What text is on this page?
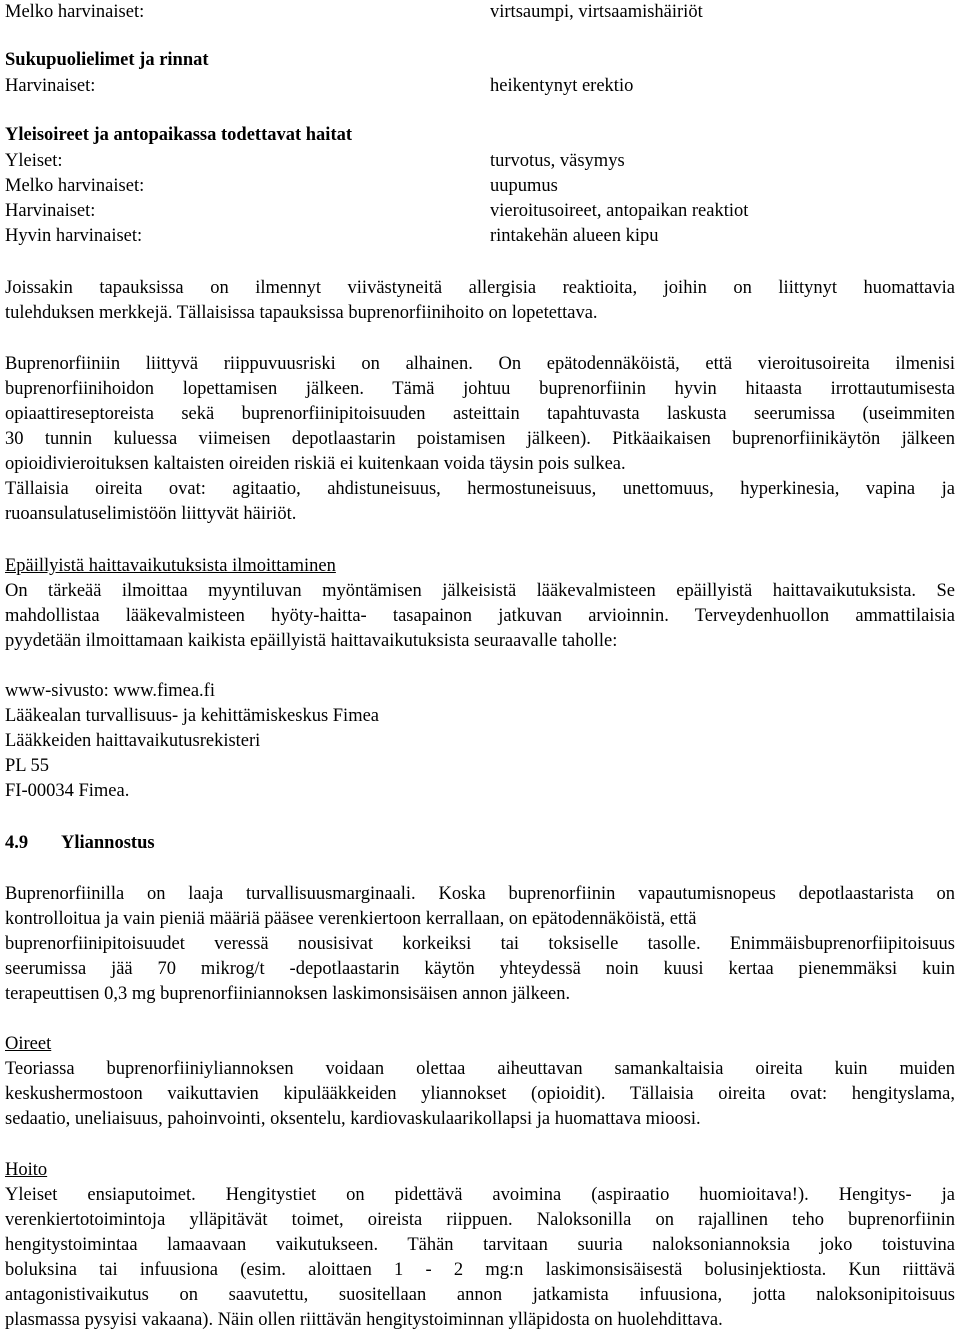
Melko harvinaiset:	virtsaumpi, virtsaamishäiriöt
Sukupuolielimet ja rinnat
Harvinaiset:	heikentynyt erektio
Yleisoireet ja antopaikassa todettavat haitat
Yleiset:	turvotus, väsymys
Melko harvinaiset:	uupumus
Harvinaiset:	vieroitusoireet, antopaikan reaktiot
Hyvin harvinaiset:	rintakehän alueen kipu
Joissakin tapauksissa on ilmennyt viivästyneitä allergisia reaktioita, joihin on liittynyt huomattavia
tulehduksen merkkejä. Tällaisissa tapauksissa buprenorfiinihoito on lopetettava.
Buprenorfiiniin liittyvä riippuvuusriski on alhainen. On epätodennäköistä, että vieroitusoireita ilmenisi
buprenorfiinihoidon lopettamisen jälkeen. Tämä johtuu buprenorfiinin hyvin hitaasta irrottautumisesta
opiaattireseptoreista sekä buprenorfiinipitoisuuden asteittain tapahtuvasta laskusta seerumissa (useimmiten
30 tunnin kuluessa viimeisen depotlaastarin poistamisen jälkeen). Pitkäaikaisen buprenorfiinikäytön jälkeen
opioidivieroituksen kaltaisten oireiden riskiä ei kuitenkaan voida täysin pois sulkea.
Tällaisia oireita ovat: agitaatio, ahdistuneisuus, hermostuneisuus, unettomuus, hyperkinesia, vapina ja
ruoansulatuselimistöön liittyvät häiriöt.
Epäillyistä haittavaikutuksista ilmoittaminen
On tärkeää ilmoittaa myyntiluvan myöntämisen jälkeisistä lääkevalmisteen epäillyistä haittavaikutuksista. Se
mahdollistaa lääkevalmisteen hyöty-haitta- tasapainon jatkuvan arvioinnin. Terveydenhuollon ammattilaisia
pyydetään ilmoittamaan kaikista epäillyistä haittavaikutuksista seuraavalle taholle:
www-sivusto: www.fimea.fi
Lääkealan turvallisuus- ja kehittämiskeskus Fimea
Lääkkeiden haittavaikutusrekisteri
PL 55
FI-00034 Fimea.
4.9 Yliannostus
Buprenorfiinilla on laaja turvallisuusmarginaali. Koska buprenorfiinin vapautumisnopeus depotlaastarista on
kontrolloitua ja vain pieniä määriä pääsee verenkiertoon kerrallaan, on epätodennäköistä, että
buprenorfiinipitoisuudet veressä nousisivat korkeiksi tai toksiselle tasolle. Enimmäisbuprenorfiipitoisuus
seerumissa jää 70 mikrog/t -depotlaastarin käytön yhteydessä noin kuusi kertaa pienemmäksi kuin
terapeuttisen 0,3 mg buprenorfiiniannoksen laskimonsisäisen annon jälkeen.
Oireet
Teoriassa buprenorfiiniyliannoksen voidaan olettaa aiheuttavan samankaltaisia oireita kuin muiden
keskushermostoon vaikuttavien kipulääkkeiden yliannokset (opioidit). Tällaisia oireita ovat: hengityslama,
sedaatio, uneliaisuus, pahoinvointi, oksentelu, kardiovaskulaarikollapsi ja huomattava mioosi.
Hoito
Yleiset ensiaputoimet. Hengitystiet on pidettävä avoimina (aspiraatio huomioitava!). Hengitys- ja
verenkiertotoimintoja ylläpitävät toimet, oireista riippuen. Naloksonilla on rajallinen teho buprenorfiinin
hengitystoimintaa lamaavaan vaikutukseen. Tähän tarvitaan suuria naloksoniannoksia joko toistuvina
boluksina tai infuusiona (esim. aloittaen 1 - 2 mg:n laskimonsisäisestä bolusinjektiosta. Kun riittävä
antagonistivaikutus on saavutettu, suositellaan annon jatkamista infuusiona, jotta naloksonipitoisuus
plasmassa pysyisi vakaana). Näin ollen riittävän hengitystoiminnan ylläpidosta on huolehdittava.
